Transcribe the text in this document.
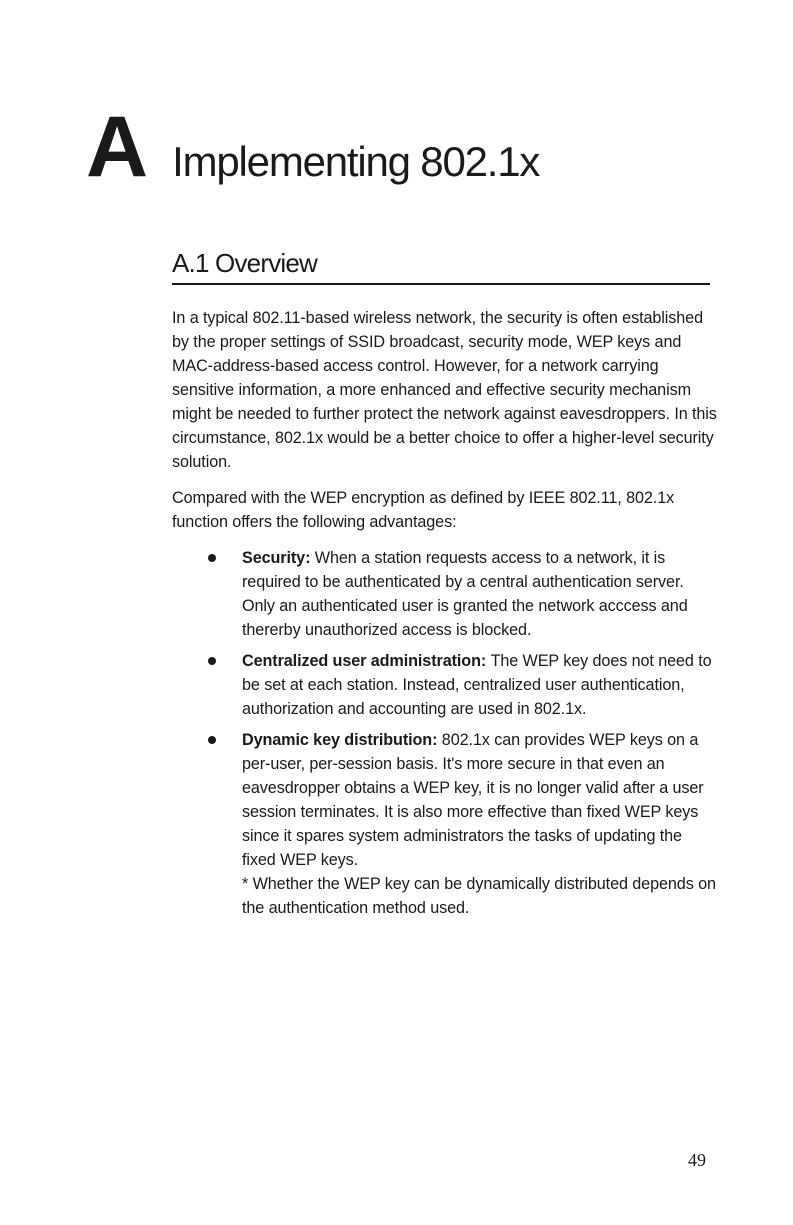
A Implementing 802.1x
A.1 Overview

In a typical 802.11-based wireless network, the security is often established by the proper settings of SSID broadcast, security mode, WEP keys and MAC-address-based access control. However, for a network carrying sensitive information, a more enhanced and effective security mechanism might be needed to further protect the network against eavesdroppers. In this circumstance, 802.1x would be a better choice to offer a higher-level security solution.

Compared with the WEP encryption as defined by IEEE 802.11, 802.1x function offers the following advantages:

Security: When a station requests access to a network, it is required to be authenticated by a central authentication server. Only an authenticated user is granted the network acccess and thererby unauthorized access is blocked.
Centralized user administration: The WEP key does not need to be set at each station. Instead, centralized user authentication, authorization and accounting are used in 802.1x.
Dynamic key distribution: 802.1x can provides WEP keys on a per-user, per-session basis. It's more secure in that even an eavesdropper obtains a WEP key, it is no longer valid after a user session terminates. It is also more effective than fixed WEP keys since it spares system administrators the tasks of updating the fixed WEP keys.
* Whether the WEP key can be dynamically distributed depends on the authentication method used.
49
